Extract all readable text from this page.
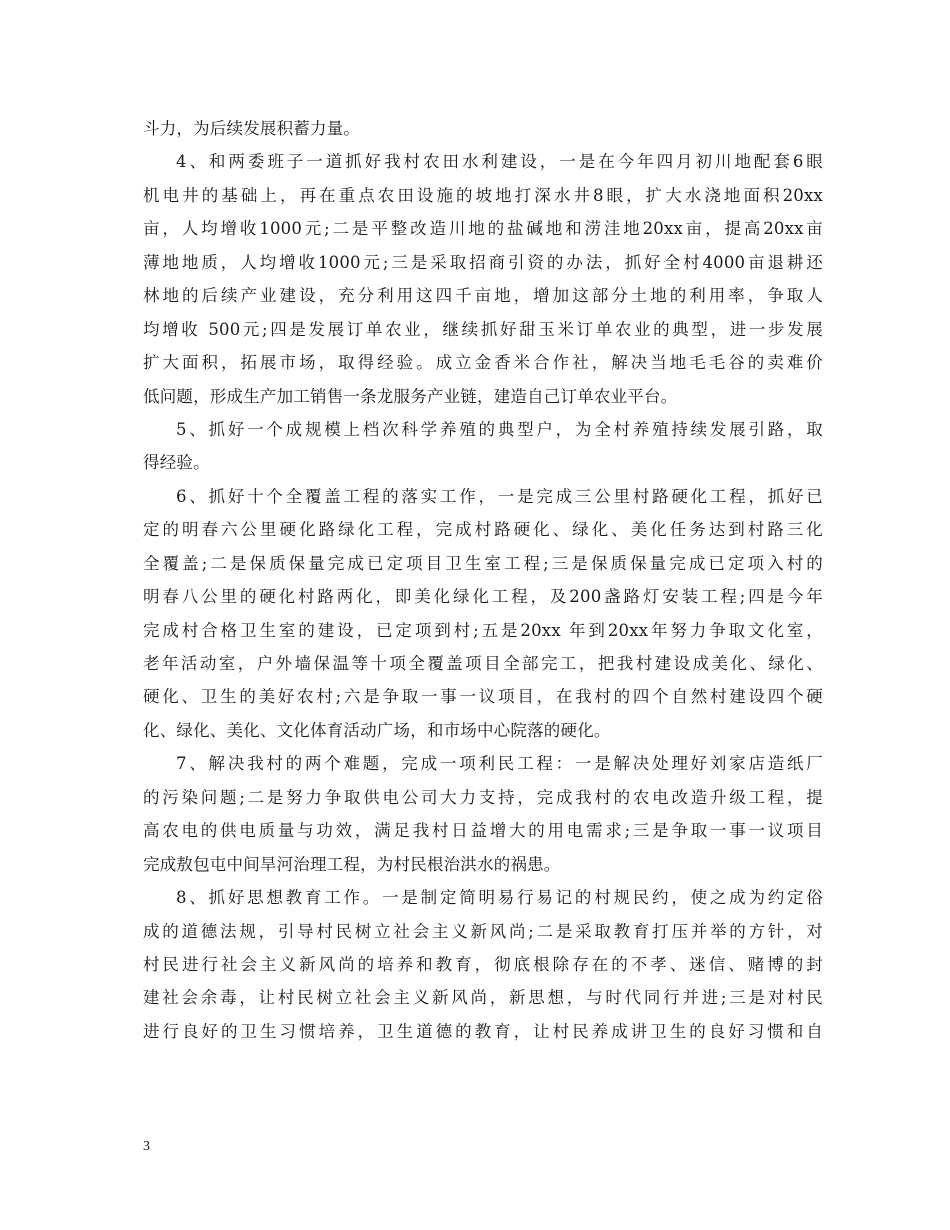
斗力，为后续发展积蓄力量。
4、和两委班子一道抓好我村农田水利建设，一是在今年四月初川地配套6眼
机电井的基础上，再在重点农田设施的坡地打深水井8眼，扩大水浇地面积20xx
亩，人均增收1000元;二是平整改造川地的盐碱地和涝洼地20xx亩，提高20xx亩
薄地地质，人均增收1000元;三是采取招商引资的办法，抓好全村4000亩退耕还
林地的后续产业建设，充分利用这四千亩地，增加这部分土地的利用率，争取人
均增收 500元;四是发展订单农业，继续抓好甜玉米订单农业的典型，进一步发展
扩大面积，拓展市场，取得经验。成立金香米合作社，解决当地毛毛谷的卖难价
低问题，形成生产加工销售一条龙服务产业链，建造自己订单农业平台。
5、抓好一个成规模上档次科学养殖的典型户，为全村养殖持续发展引路，取
得经验。
6、抓好十个全覆盖工程的落实工作，一是完成三公里村路硬化工程，抓好已
定的明春六公里硬化路绿化工程，完成村路硬化、绿化、美化任务达到村路三化
全覆盖;二是保质保量完成已定项目卫生室工程;三是保质保量完成已定项入村的
明春八公里的硬化村路两化，即美化绿化工程，及200盏路灯安装工程;四是今年
完成村合格卫生室的建设，已定项到村;五是20xx 年到20xx年努力争取文化室，
老年活动室，户外墙保温等十项全覆盖项目全部完工，把我村建设成美化、绿化、
硬化、卫生的美好农村;六是争取一事一议项目，在我村的四个自然村建设四个硬
化、绿化、美化、文化体育活动广场，和市场中心院落的硬化。
7、解决我村的两个难题，完成一项利民工程：一是解决处理好刘家店造纸厂
的污染问题;二是努力争取供电公司大力支持，完成我村的农电改造升级工程，提
高农电的供电质量与功效，满足我村日益增大的用电需求;三是争取一事一议项目
完成敖包屯中间旱河治理工程，为村民根治洪水的祸患。
8、抓好思想教育工作。一是制定简明易行易记的村规民约，使之成为约定俗
成的道德法规，引导村民树立社会主义新风尚;二是采取教育打压并举的方针，对
村民进行社会主义新风尚的培养和教育，彻底根除存在的不孝、迷信、赌博的封
建社会余毒，让村民树立社会主义新风尚，新思想，与时代同行并进;三是对村民
进行良好的卫生习惯培养，卫生道德的教育，让村民养成讲卫生的良好习惯和自
3
